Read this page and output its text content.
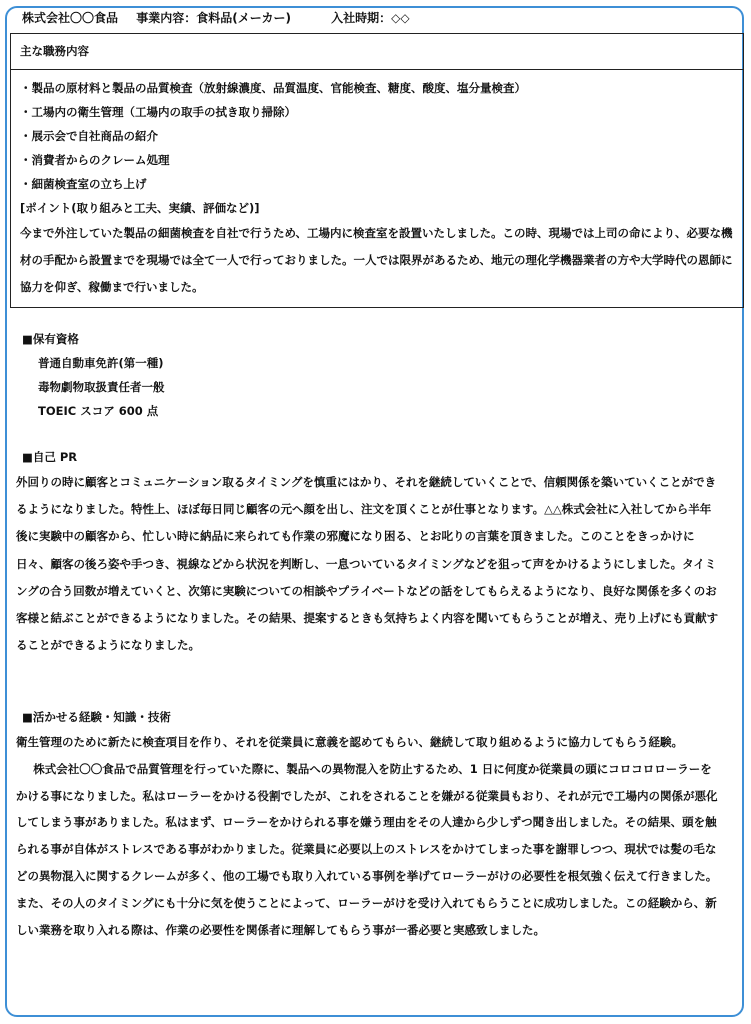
株式会社〇〇食品 事業内容：食料品(メーカー)	入社時期：◇◇
主な職務内容
・製品の原材料と製品の品質検査（放射線濃度、品質温度、官能検査、糖度、酸度、塩分量検査）
・工場内の衛生管理（工場内の取手の拭き取り掃除）
・展示会で自社商品の紹介
・消費者からのクレーム処理
・細菌検査室の立ち上げ
[ポイント(取り組みと工夫、実績、評価など)]
今まで外注していた製品の細菌検査を自社で行うため、工場内に検査室を設置いたしました。この時、現場では上司の命により、必要な機材の手配から設置までを現場では全て一人で行っておりました。一人では限界があるため、地元の理化学機器業者の方や大学時代の恩師に協力を仰ぎ、稼働まで行いました。
■保有資格
普通自動車免許(第一種)
毒物劇物取扱責任者一般
TOEIC スコア 600 点
■自己 PR
外回りの時に顧客とコミュニケーション取るタイミングを慎重にはかり、それを継続していくことで、信頼関係を築いていくことができるようになりました。特性上、ほぼ毎日同じ顧客の元へ顔を出し、注文を頂くことが仕事となります。△△株式会社に入社してから半年後に実験中の顧客から、忙しい時に納品に来られても作業の邪魔になり困る、とお叱りの言葉を頂きました。このことをきっかけに日々、顧客の後ろ姿や手つき、視線などから状況を判断し、一息ついているタイミングなどを狙って声をかけるようにしました。タイミングの合う回数が増えていくと、次第に実験についての相談やプライベートなどの話をしてもらえるようになり、良好な関係を多くのお客様と結ぶことができるようになりました。その結果、提案するときも気持ちよく内容を聞いてもらうことが増え、売り上げにも貢献することができるようになりました。
■活かせる経験・知識・技術

衛生管理のために新たに検査項目を作り、それを従業員に意義を認めてもらい、継続して取り組めるように協力してもらう経験。

株式会社〇〇食品で品質管理を行っていた際に、製品への異物混入を防止するため、1 日に何度か従業員の頭にコロコロローラーをかける事になりました。私はローラーをかける役割でしたが、これをされることを嫌がる従業員もおり、それが元で工場内の関係が悪化してしまう事がありました。私はまず、ローラーをかけられる事を嫌う理由をその人達から少しずつ聞き出しました。その結果、頭を触られる事が自体がストレスである事がわかりました。従業員に必要以上のストレスをかけてしまった事を謝罪しつつ、現状では髪の毛などの異物混入に関するクレームが多く、他の工場でも取り入れている事例を挙げてローラーがけの必要性を根気強く伝えて行きました。また、その人のタイミングにも十分に気を使うことによって、ローラーがけを受け入れてもらうことに成功しました。この経験から、新しい業務を取り入れる際は、作業の必要性を関係者に理解してもらう事が一番必要と実感致しました。
